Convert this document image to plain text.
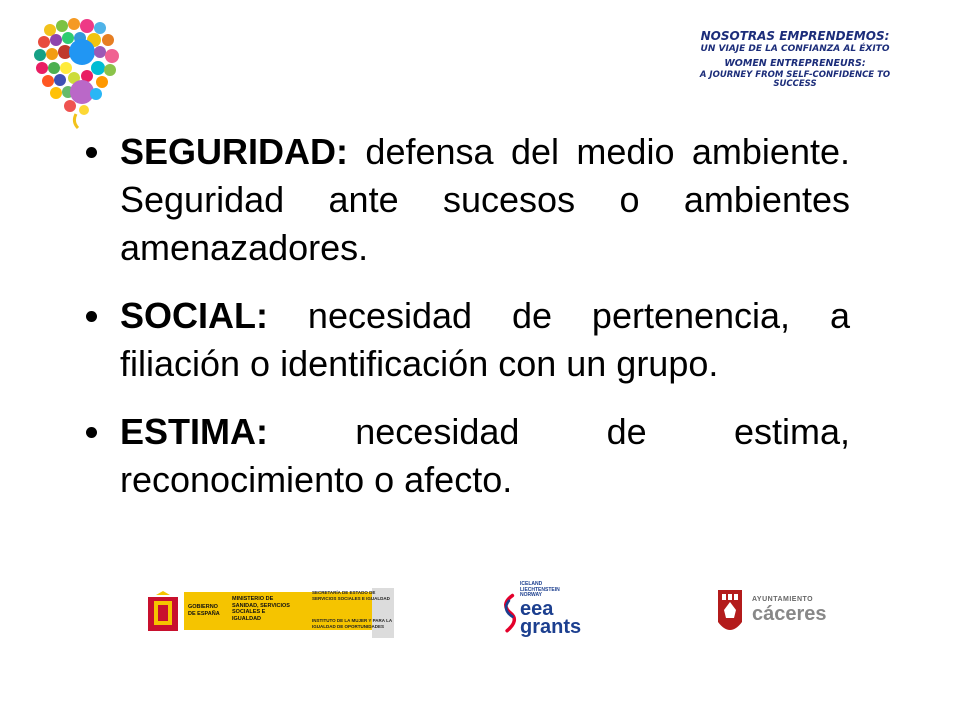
NOSOTRAS EMPRENDEMOS:
UN VIAJE DE LA CONFIANZA AL ÉXITO
WOMEN ENTREPRENEURS:
A JOURNEY FROM SELF-CONFIDENCE TO SUCCESS
SEGURIDAD: defensa del medio ambiente. Seguridad ante sucesos o ambientes amenazadores.
SOCIAL: necesidad de pertenencia, a filiación o identificación con un grupo.
ESTIMA: necesidad de estima, reconocimiento o afecto.
GOBIERNO DE ESPAÑA
MINISTERIO DE SANIDAD, SERVICIOS SOCIALES E IGUALDAD
SECRETARÍA DE ESTADO DE SERVICIOS SOCIALES E IGUALDAD
INSTITUTO DE LA MUJER Y PARA LA IGUALDAD DE OPORTUNIDADES
ICELAND
LIECHTENSTEIN
NORWAY
eea
grants
AYUNTAMIENTO
cáceres
